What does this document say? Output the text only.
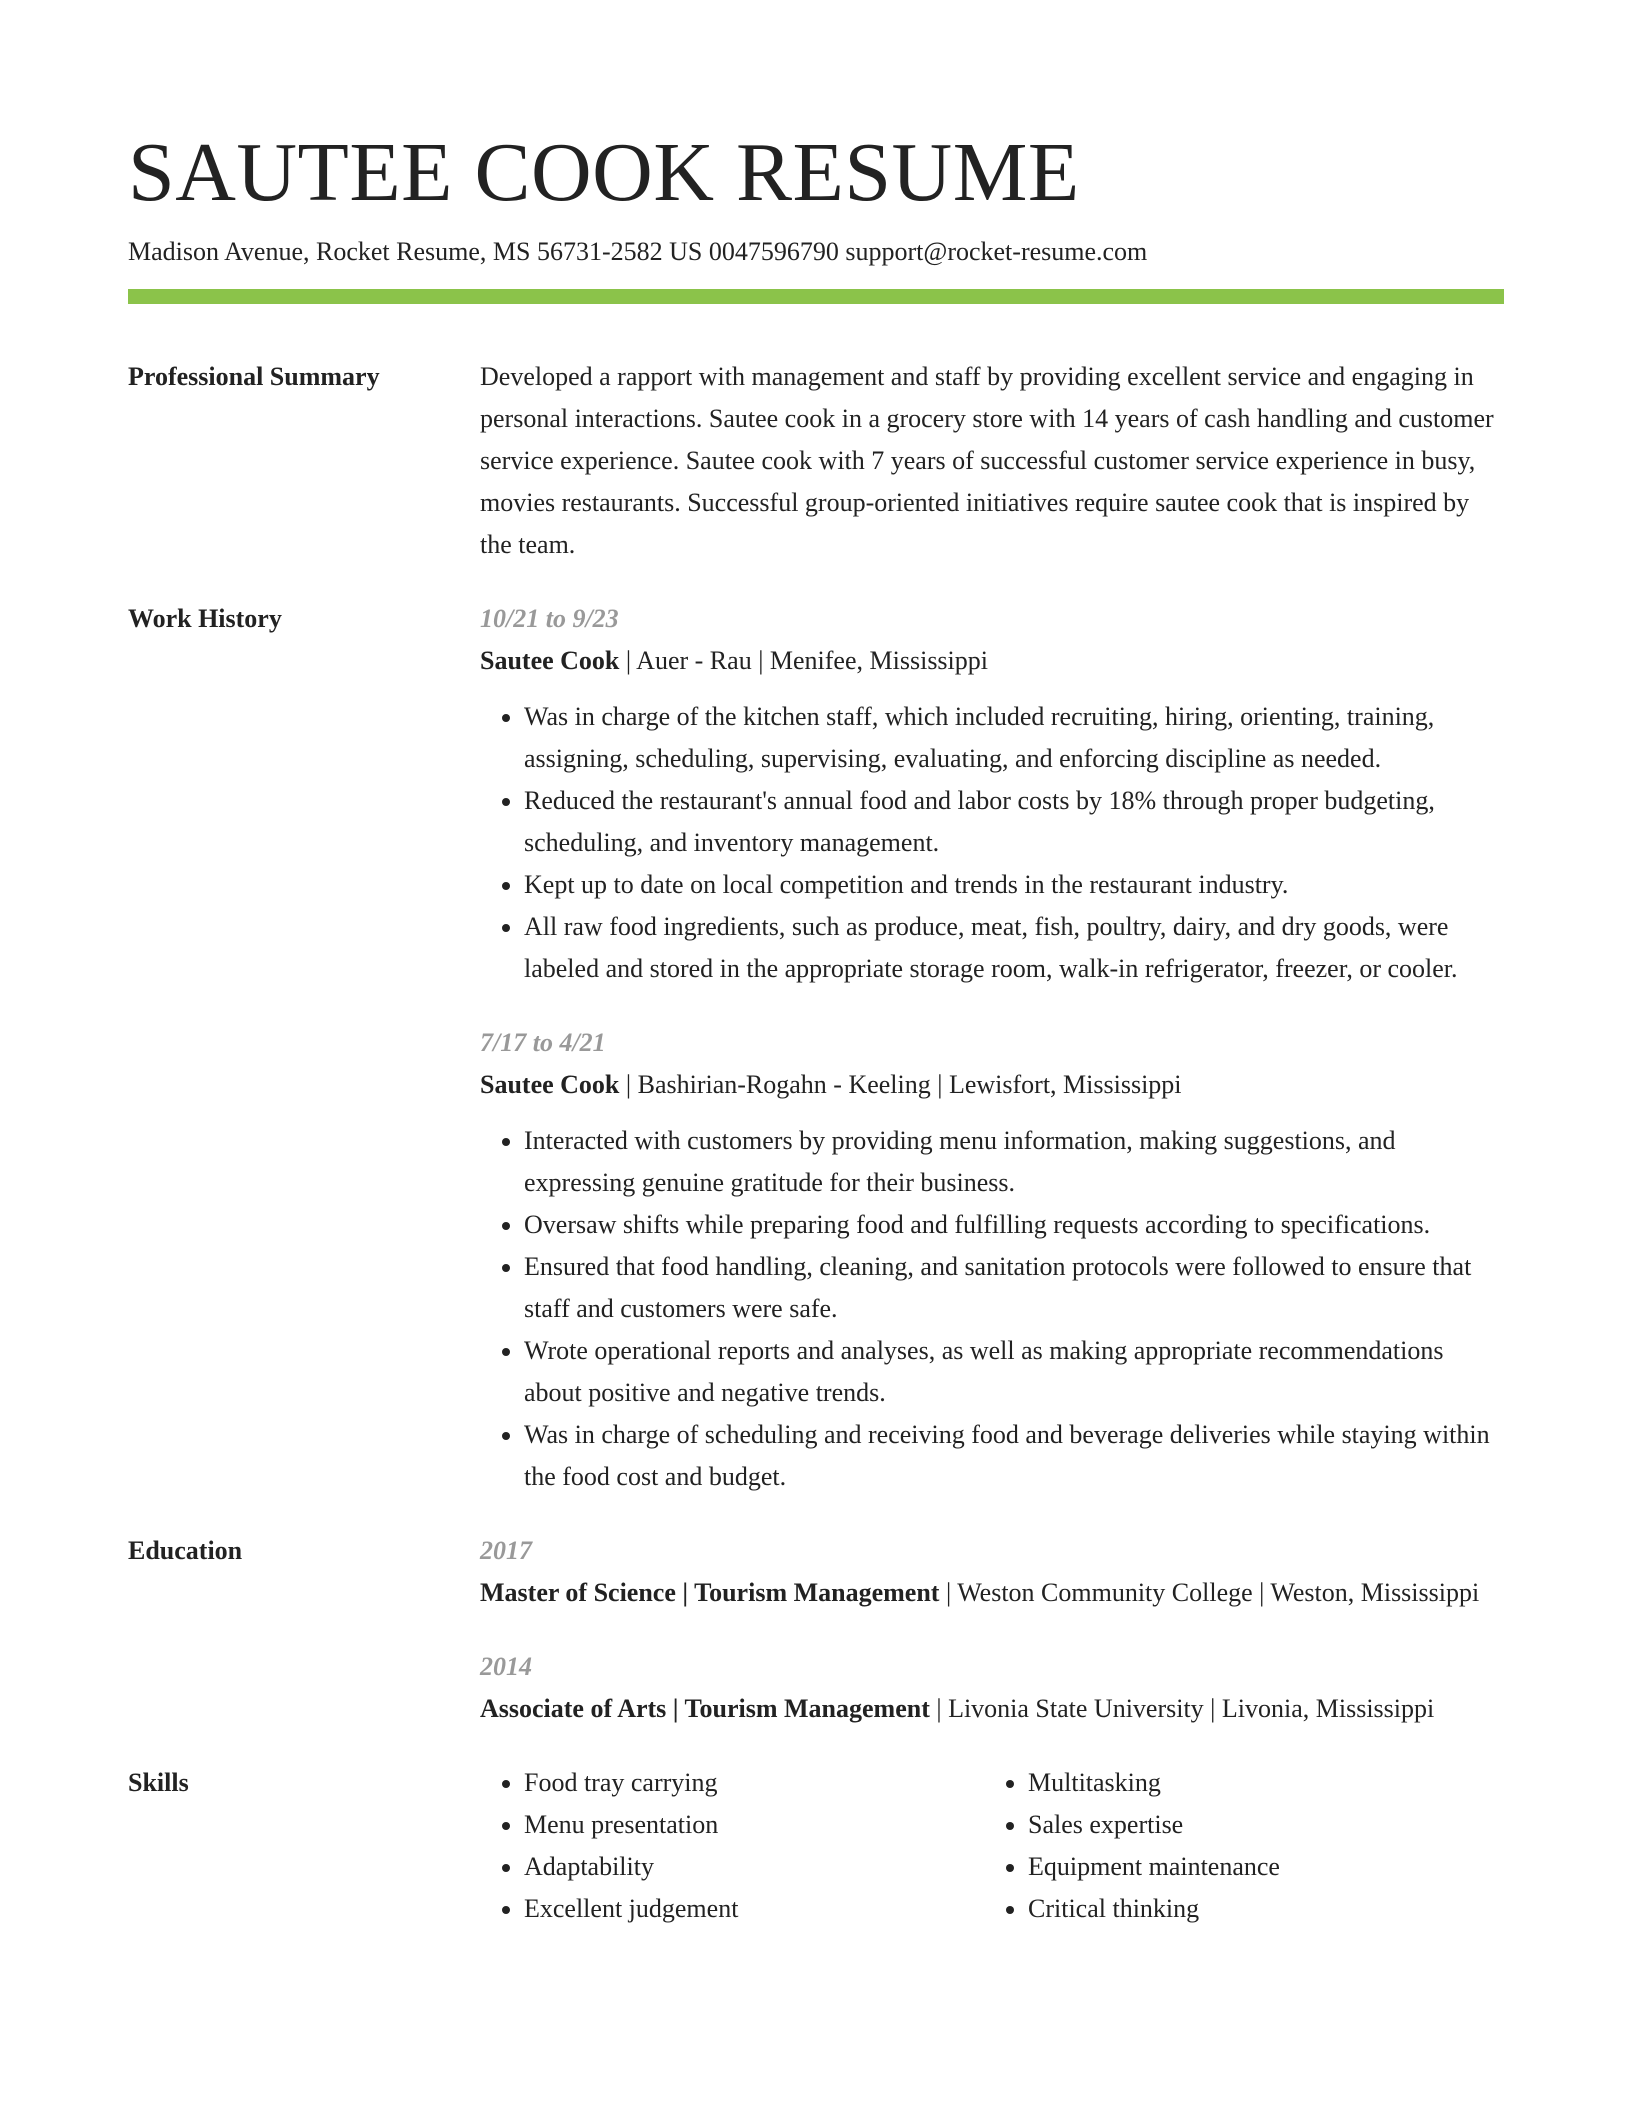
SAUTEE COOK RESUME
Madison Avenue, Rocket Resume, MS 56731-2582 US 0047596790 support@rocket-resume.com
Professional Summary	Developed a rapport with management and staff by providing excellent service and engaging in personal interactions. Sautee cook in a grocery store with 14 years of cash handling and customer service experience. Sautee cook with 7 years of successful customer service experience in busy, movies restaurants. Successful group-oriented initiatives require sautee cook that is inspired by the team.
Work History	10/21 to 9/23
Sautee Cook | Auer - Rau | Menifee, Mississippi
• Was in charge of the kitchen staff, which included recruiting, hiring, orienting, training, assigning, scheduling, supervising, evaluating, and enforcing discipline as needed.
• Reduced the restaurant's annual food and labor costs by 18% through proper budgeting, scheduling, and inventory management.
• Kept up to date on local competition and trends in the restaurant industry.
• All raw food ingredients, such as produce, meat, fish, poultry, dairy, and dry goods, were labeled and stored in the appropriate storage room, walk-in refrigerator, freezer, or cooler.
7/17 to 4/21
Sautee Cook | Bashirian-Rogahn - Keeling | Lewisfort, Mississippi
• Interacted with customers by providing menu information, making suggestions, and expressing genuine gratitude for their business.
• Oversaw shifts while preparing food and fulfilling requests according to specifications.
• Ensured that food handling, cleaning, and sanitation protocols were followed to ensure that staff and customers were safe.
• Wrote operational reports and analyses, as well as making appropriate recommendations about positive and negative trends.
• Was in charge of scheduling and receiving food and beverage deliveries while staying within the food cost and budget.
Education	2017
Master of Science | Tourism Management | Weston Community College | Weston, Mississippi
2014
Associate of Arts | Tourism Management | Livonia State University | Livonia, Mississippi
Skills
•	Food tray carrying
• Menu presentation
• Adaptability
• Excellent judgement
• Multitasking
• Sales expertise
• Equipment maintenance
• Critical thinking
